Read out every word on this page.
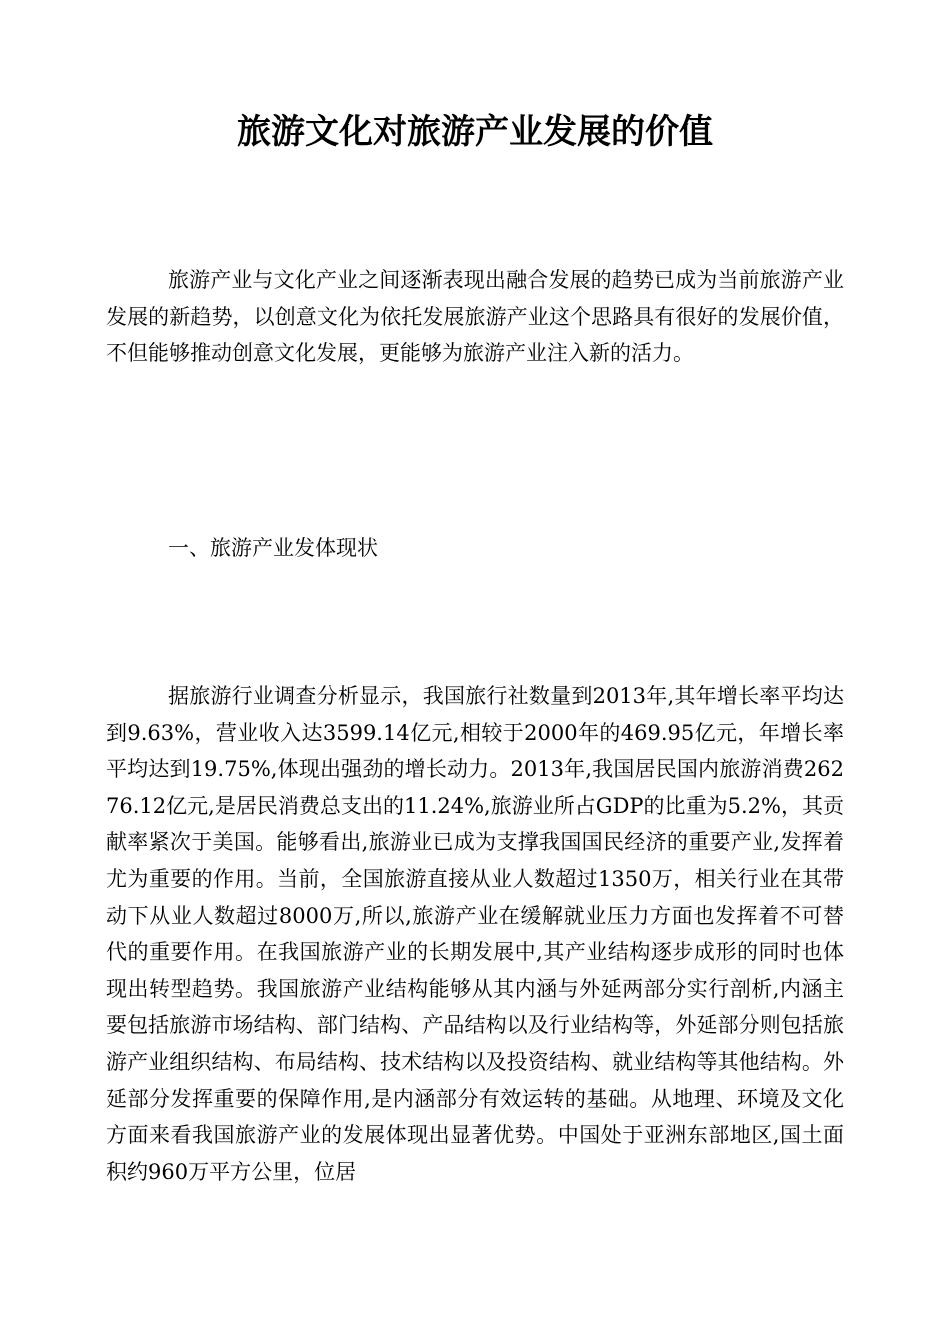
旅游文化对旅游产业发展的价值

旅游产业与文化产业之间逐渐表现出融合发展的趋势已成为当前旅游产业发展的新趋势，以创意文化为依托发展旅游产业这个思路具有很好的发展价值，不但能够推动创意文化发展，更能够为旅游产业注入新的活力。

一、旅游产业发体现状

据旅游行业调查分析显示，我国旅行社数量到2013年,其年增长率平均达到9.63%，营业收入达3599.14亿元,相较于2000年的469.95亿元，年增长率平均达到19.75%,体现出强劲的增长动力。2013年,我国居民国内旅游消费26276.12亿元,是居民消费总支出的11.24%,旅游业所占GDP的比重为5.2%，其贡献率紧次于美国。能够看出,旅游业已成为支撑我国国民经济的重要产业,发挥着尤为重要的作用。当前，全国旅游直接从业人数超过1350万，相关行业在其带动下从业人数超过8000万,所以,旅游产业在缓解就业压力方面也发挥着不可替代的重要作用。在我国旅游产业的长期发展中,其产业结构逐步成形的同时也体现出转型趋势。我国旅游产业结构能够从其内涵与外延两部分实行剖析,内涵主要包括旅游市场结构、部门结构、产品结构以及行业结构等，外延部分则包括旅游产业组织结构、布局结构、技术结构以及投资结构、就业结构等其他结构。外延部分发挥重要的保障作用,是内涵部分有效运转的基础。从地理、环境及文化方面来看我国旅游产业的发展体现出显著优势。中国处于亚洲东部地区,国土面积约960万平方公里，位居
